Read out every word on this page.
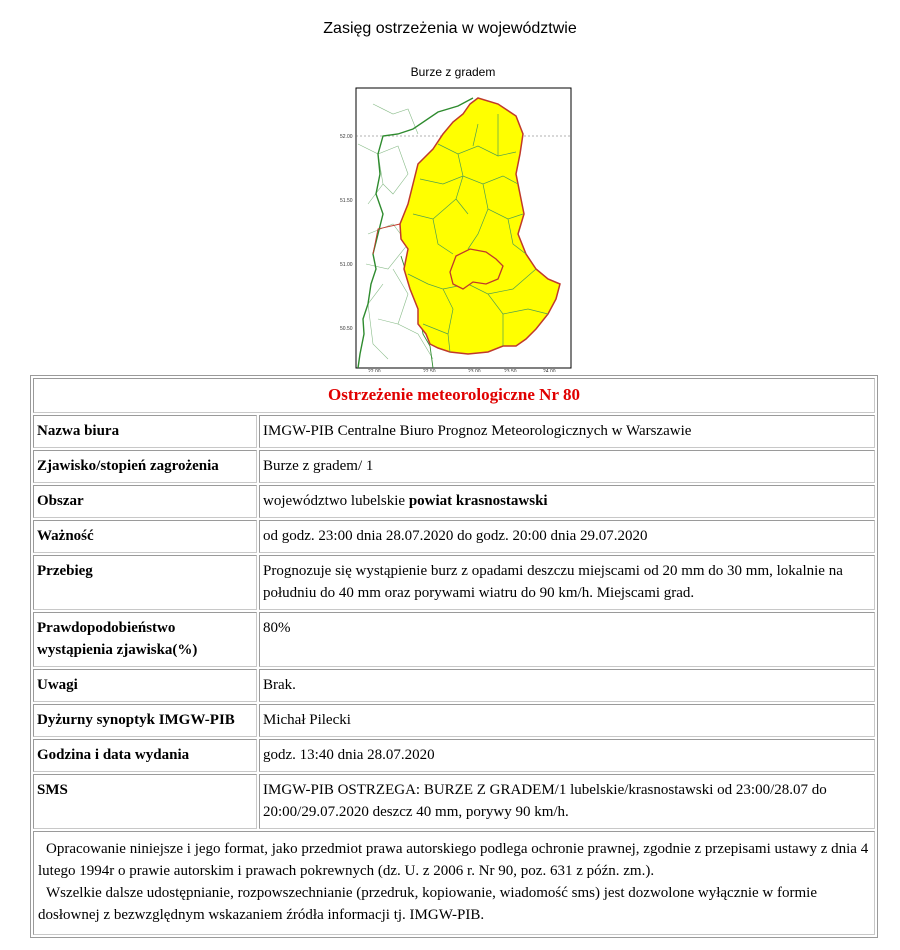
Zasięg ostrzeżenia w województwie
Burze z gradem
52.00
51.50
51.00
50.50
22.00	22.50	23.00	23.50	24.00
Ostrzeżenie meteorologiczne Nr 80	
Nazwa biura	IMGW-PIB Centralne Biuro Prognoz Meteorologicznych w Warszawie
Zjawisko/stopień zagrożenia	Burze z gradem/ 1
Obszar	województwo lubelskie powiat krasnostawski
Ważność	od godz. 23:00 dnia 28.07.2020 do godz. 20:00 dnia 29.07.2020
Przebieg	Prognozuje się wystąpienie burz z opadami deszczu miejscami od 20 mm do 30 mm, lokalnie na południu do 40 mm oraz porywami wiatru do 90 km/h. Miejscami grad.
Prawdopodobieństwo wystąpienia zjawiska(%)	80%
Uwagi	Brak.
Dyżurny synoptyk IMGW-PIB	Michał Pilecki
Godzina i data wydania	godz. 13:40 dnia 28.07.2020
SMS	IMGW-PIB OSTRZEGA: BURZE Z GRADEM/1 lubelskie/krasnostawski od 23:00/28.07 do 20:00/29.07.2020 deszcz 40 mm, porywy 90 km/h.

Opracowanie niniejsze i jego format, jako przedmiot prawa autorskiego podlega ochronie prawnej, zgodnie z przepisami ustawy z dnia 4 lutego 1994r o prawie autorskim i prawach pokrewnych (dz. U. z 2006 r. Nr 90, poz. 631 z późn. zm.).

Wszelkie dalsze udostępnianie, rozpowszechnianie (przedruk, kopiowanie, wiadomość sms) jest dozwolone wyłącznie w formie dosłownej z bezwzględnym wskazaniem źródła informacji tj. IMGW-PIB.	
